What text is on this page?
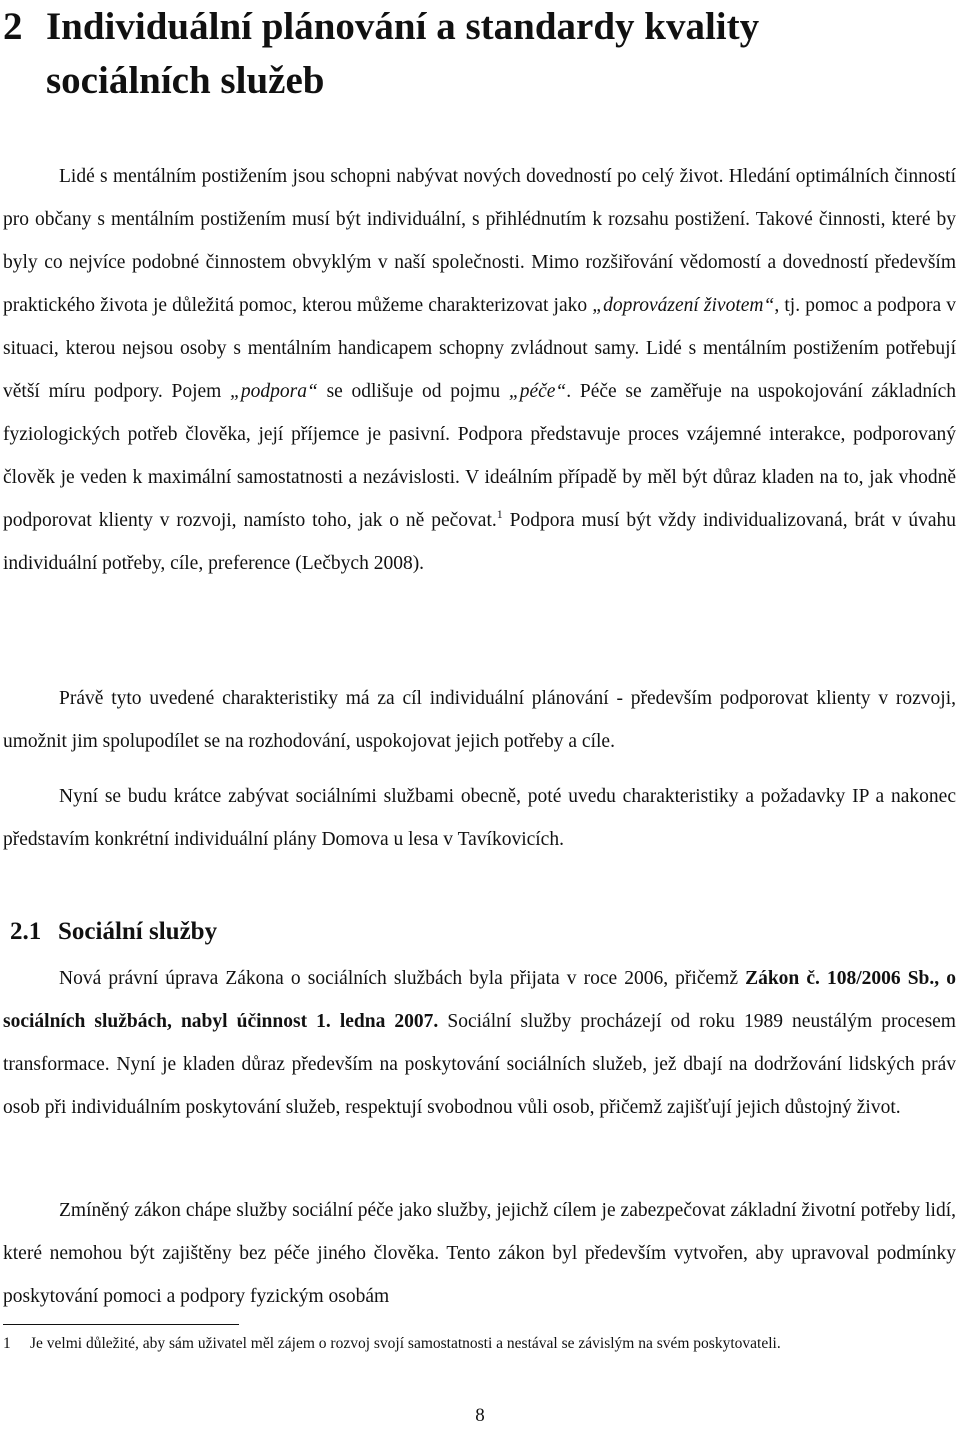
2 Individuální plánování a standardy kvality sociálních služeb

Lidé s mentálním postižením jsou schopni nabývat nových dovedností po celý život. Hledání optimálních činností pro občany s mentálním postižením musí být individuální, s přihlédnutím k rozsahu postižení. Takové činnosti, které by byly co nejvíce podobné činnostem obvyklým v naší společnosti. Mimo rozšiřování vědomostí a dovedností především praktického života je důležitá pomoc, kterou můžeme charakterizovat jako „doprovázení životem“, tj. pomoc a podpora v situaci, kterou nejsou osoby s mentálním handicapem schopny zvládnout samy. Lidé s mentálním postižením potřebují větší míru podpory. Pojem „podpora“ se odlišuje od pojmu „péče“. Péče se zaměřuje na uspokojování základních fyziologických potřeb člověka, její příjemce je pasivní. Podpora představuje proces vzájemné interakce, podporovaný člověk je veden k maximální samostatnosti a nezávislosti. V ideálním případě by měl být důraz kladen na to, jak vhodně podporovat klienty v rozvoji, namísto toho, jak o ně pečovat.$^1$ Podpora musí být vždy individualizovaná, brát v úvahu individuální potřeby, cíle, preference (Lečbych 2008).

Právě tyto uvedené charakteristiky má za cíl individuální plánování - především podporovat klienty v rozvoji, umožnit jim spolupodílet se na rozhodování, uspokojovat jejich potřeby a cíle.

Nyní se budu krátce zabývat sociálními službami obecně, poté uvedu charakteristiky a požadavky IP a nakonec představím konkrétní individuální plány Domova u lesa v Tavíkovicích.

2.1 Sociální služby

Nová právní úprava Zákona o sociálních službách byla přijata v roce 2006, přičemž Zákon č. 108/2006 Sb., o sociálních službách, nabyl účinnost 1. ledna 2007. Sociální služby procházejí od roku 1989 neustálým procesem transformace. Nyní je kladen důraz především na poskytování sociálních služeb, jež dbají na dodržování lidských práv osob při individuálním poskytování služeb, respektují svobodnou vůli osob, přičemž zajišťují jejich důstojný život.

Zmíněný zákon chápe služby sociální péče jako služby, jejichž cílem je zabezpečovat základní životní potřeby lidí, které nemohou být zajištěny bez péče jiného člověka. Tento zákon byl především vytvořen, aby upravoval podmínky poskytování pomoci a podpory fyzickým osobám

1 Je velmi důležité, aby sám uživatel měl zájem o rozvoj svojí samostatnosti a nestával se závislým na svém poskytovateli.
8
